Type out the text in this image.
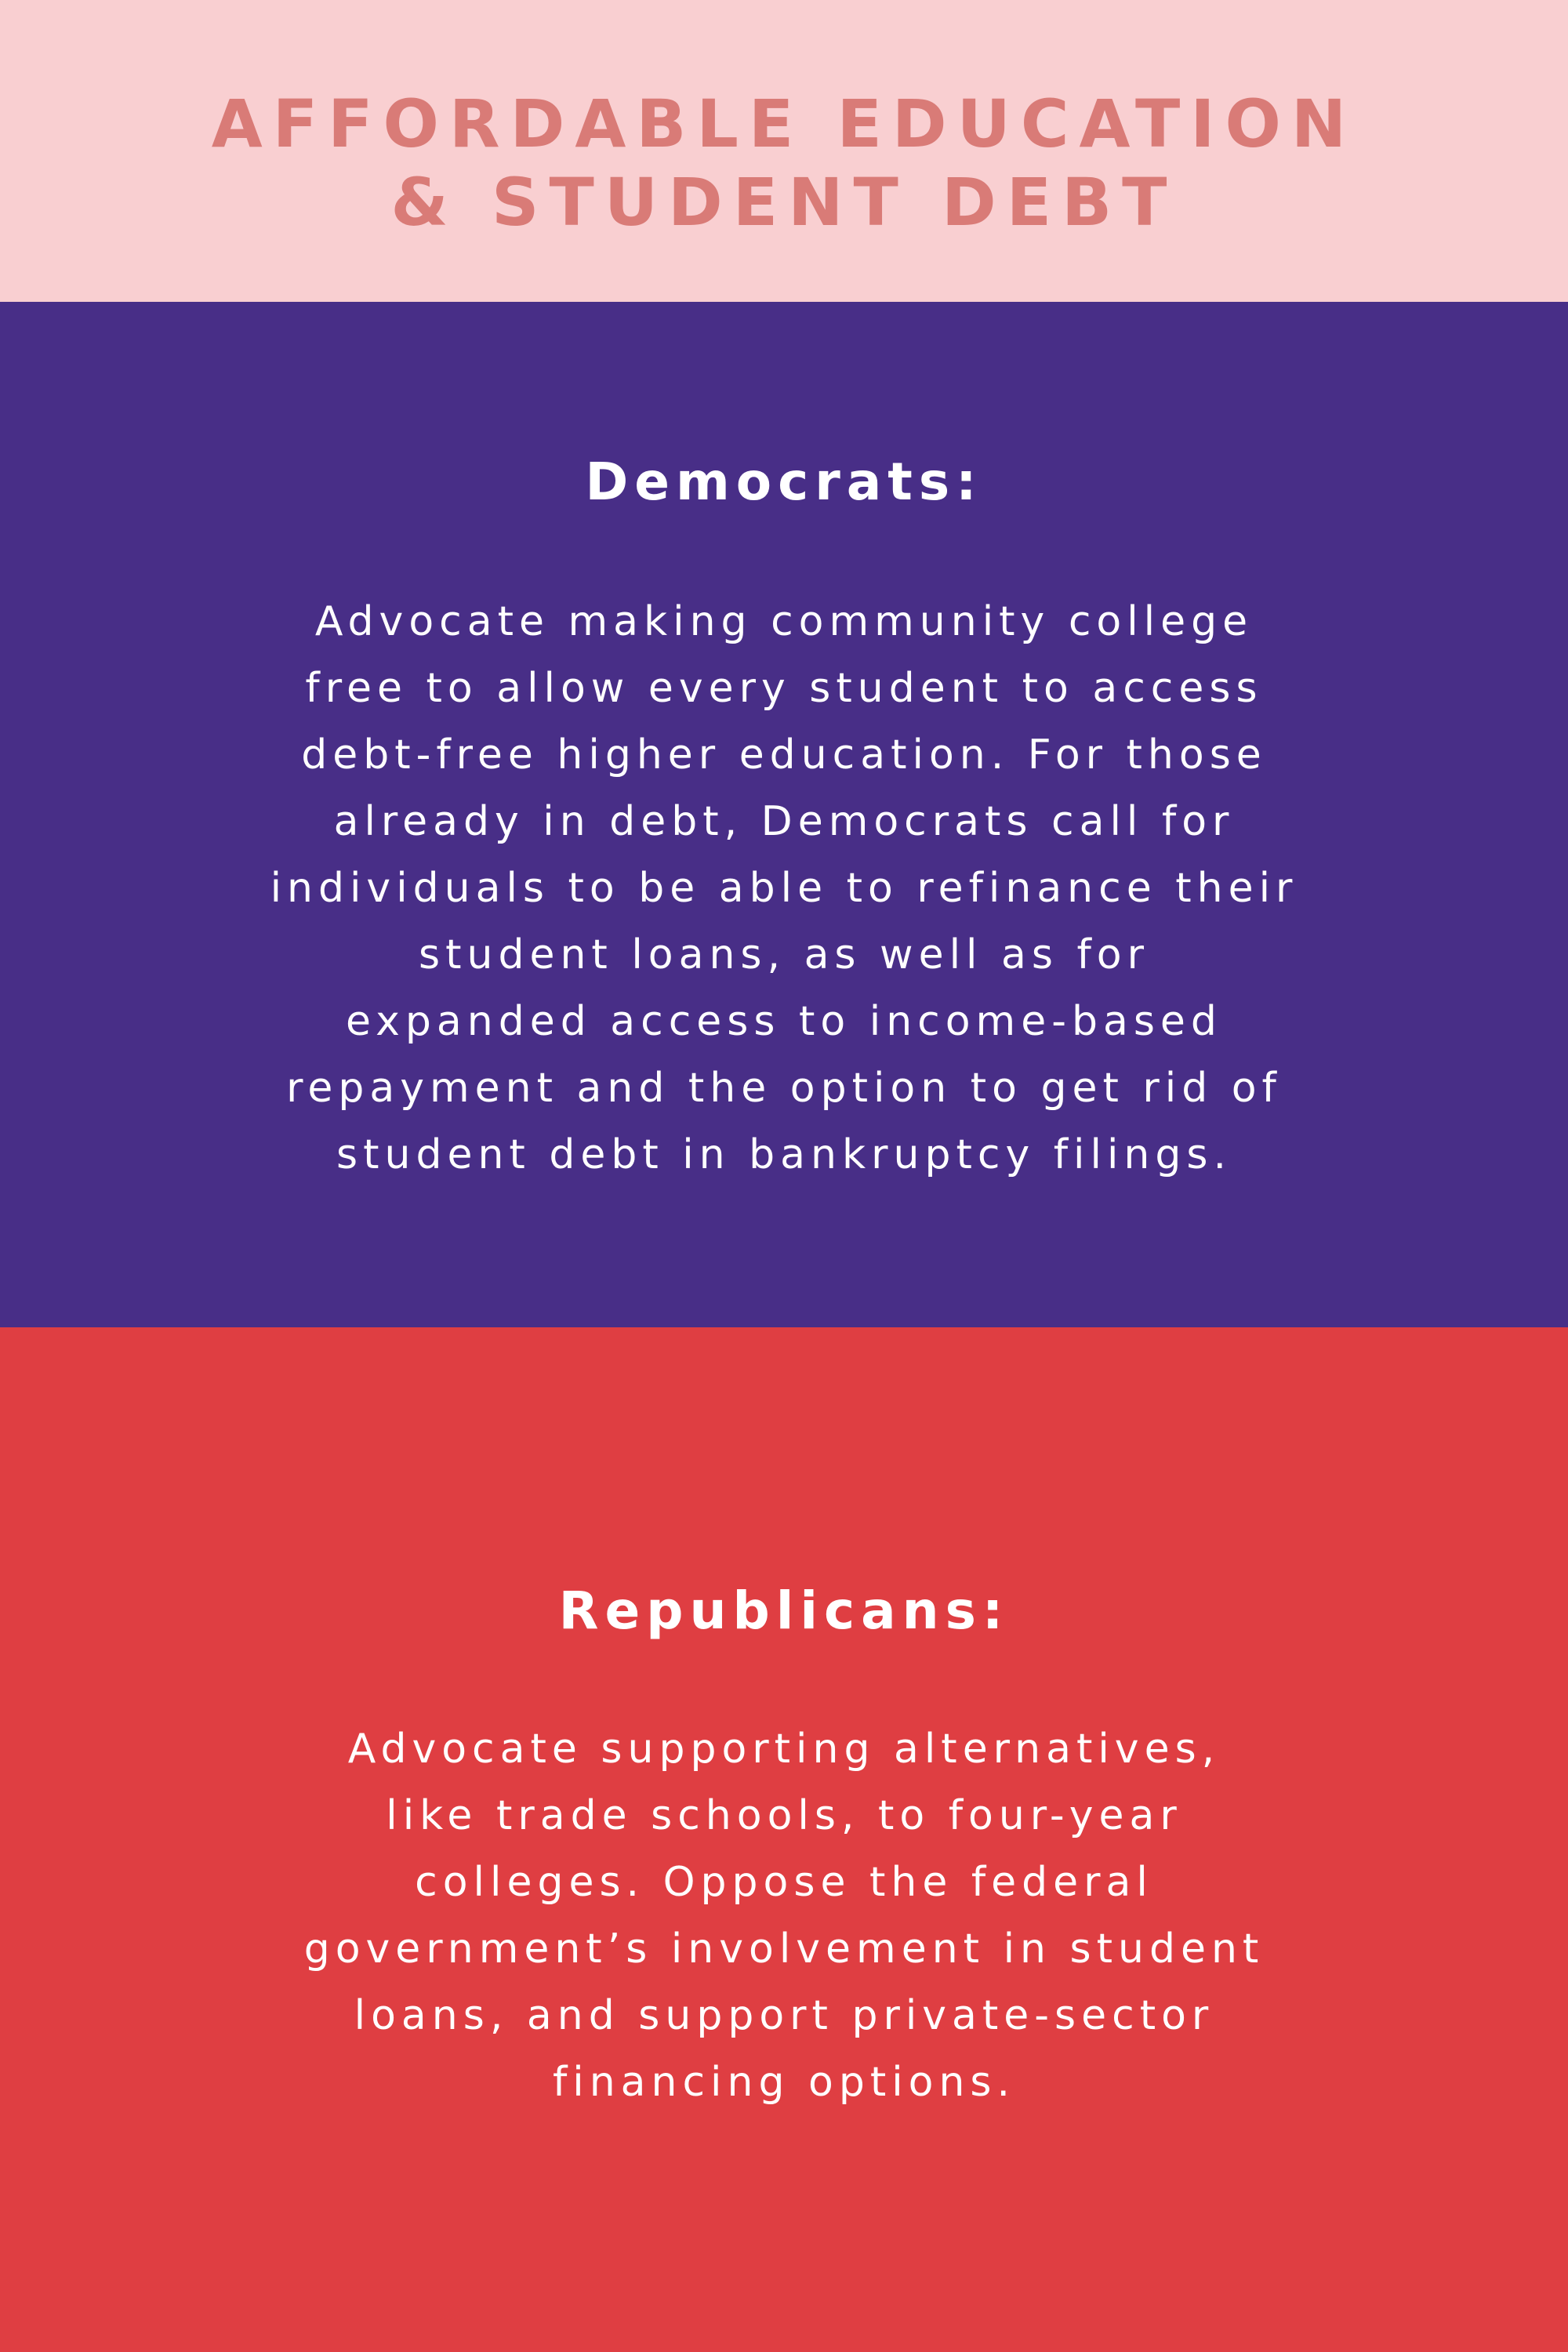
AFFORDABLE EDUCATION
& STUDENT DEBT
Democrats:
Advocate making community college
free to allow every student to access
debt-free higher education. For those
already in debt, Democrats call for
individuals to be able to refinance their
student loans, as well as for
expanded access to income-based
repayment and the option to get rid of
student debt in bankruptcy filings.
Republicans:
Advocate supporting alternatives,
like trade schools, to four-year
colleges. Oppose the federal
government’s involvement in student
loans, and support private-sector
financing options.
